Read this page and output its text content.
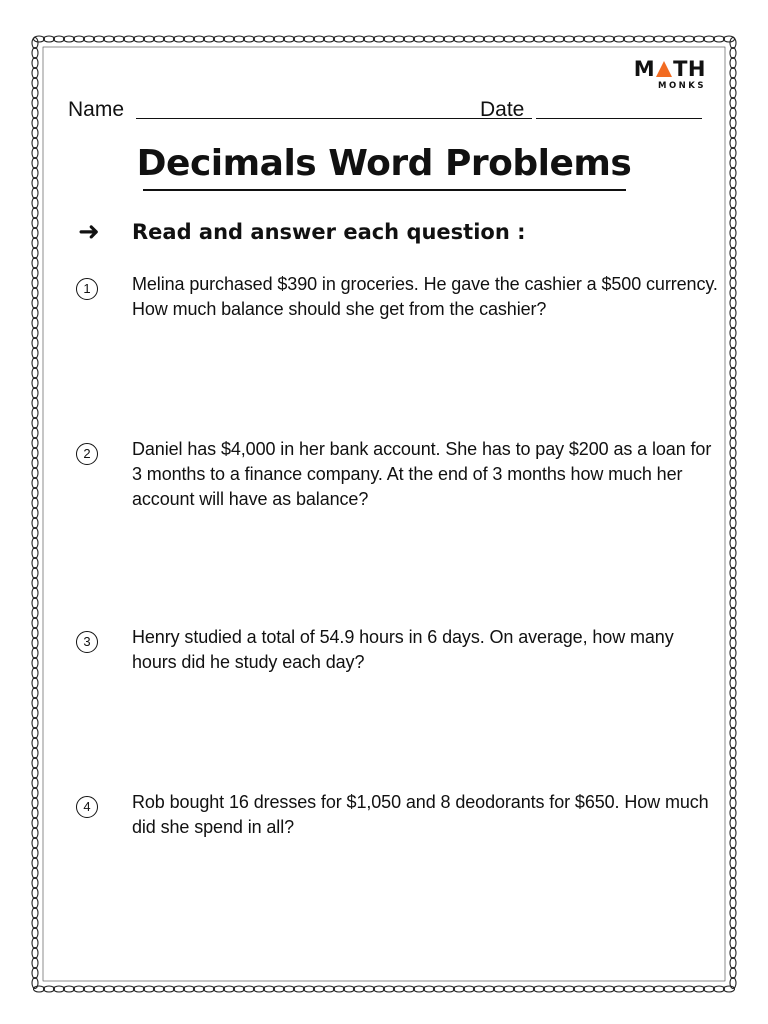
M TH
MONKS
Name	Date
Decimals Word Problems
➜	Read and answer each question :
1	Melina purchased $390 in groceries. He gave the cashier a $500 currency. How much balance should she get from the cashier?
2	Daniel has $4,000 in her bank account. She has to pay $200 as a loan for 3 months to a finance company. At the end of 3 months how much her account will have as balance?
3	Henry studied a total of 54.9 hours in 6 days. On average, how many hours did he study each day?
4	Rob bought 16 dresses for $1,050 and 8 deodorants for $650. How much did she spend in all?
